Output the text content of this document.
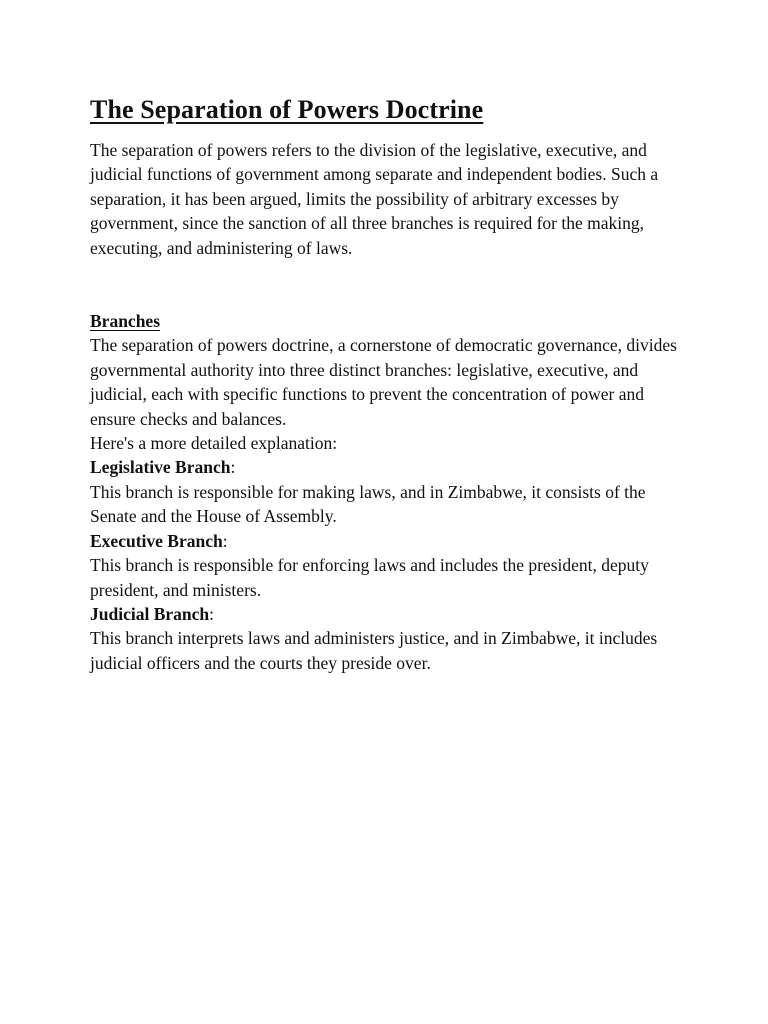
The Separation of Powers Doctrine

The separation of powers refers to the division of the legislative, executive, and judicial functions of government among separate and independent bodies. Such a separation, it has been argued, limits the possibility of arbitrary excesses by government, since the sanction of all three branches is required for the making, executing, and administering of laws.

Branches

The separation of powers doctrine, a cornerstone of democratic governance, divides governmental authority into three distinct branches: legislative, executive, and judicial, each with specific functions to prevent the concentration of power and ensure checks and balances.

Here's a more detailed explanation:

Legislative Branch:

This branch is responsible for making laws, and in Zimbabwe, it consists of the Senate and the House of Assembly.

Executive Branch:

This branch is responsible for enforcing laws and includes the president, deputy president, and ministers.

Judicial Branch:

This branch interprets laws and administers justice, and in Zimbabwe, it includes judicial officers and the courts they preside over.
